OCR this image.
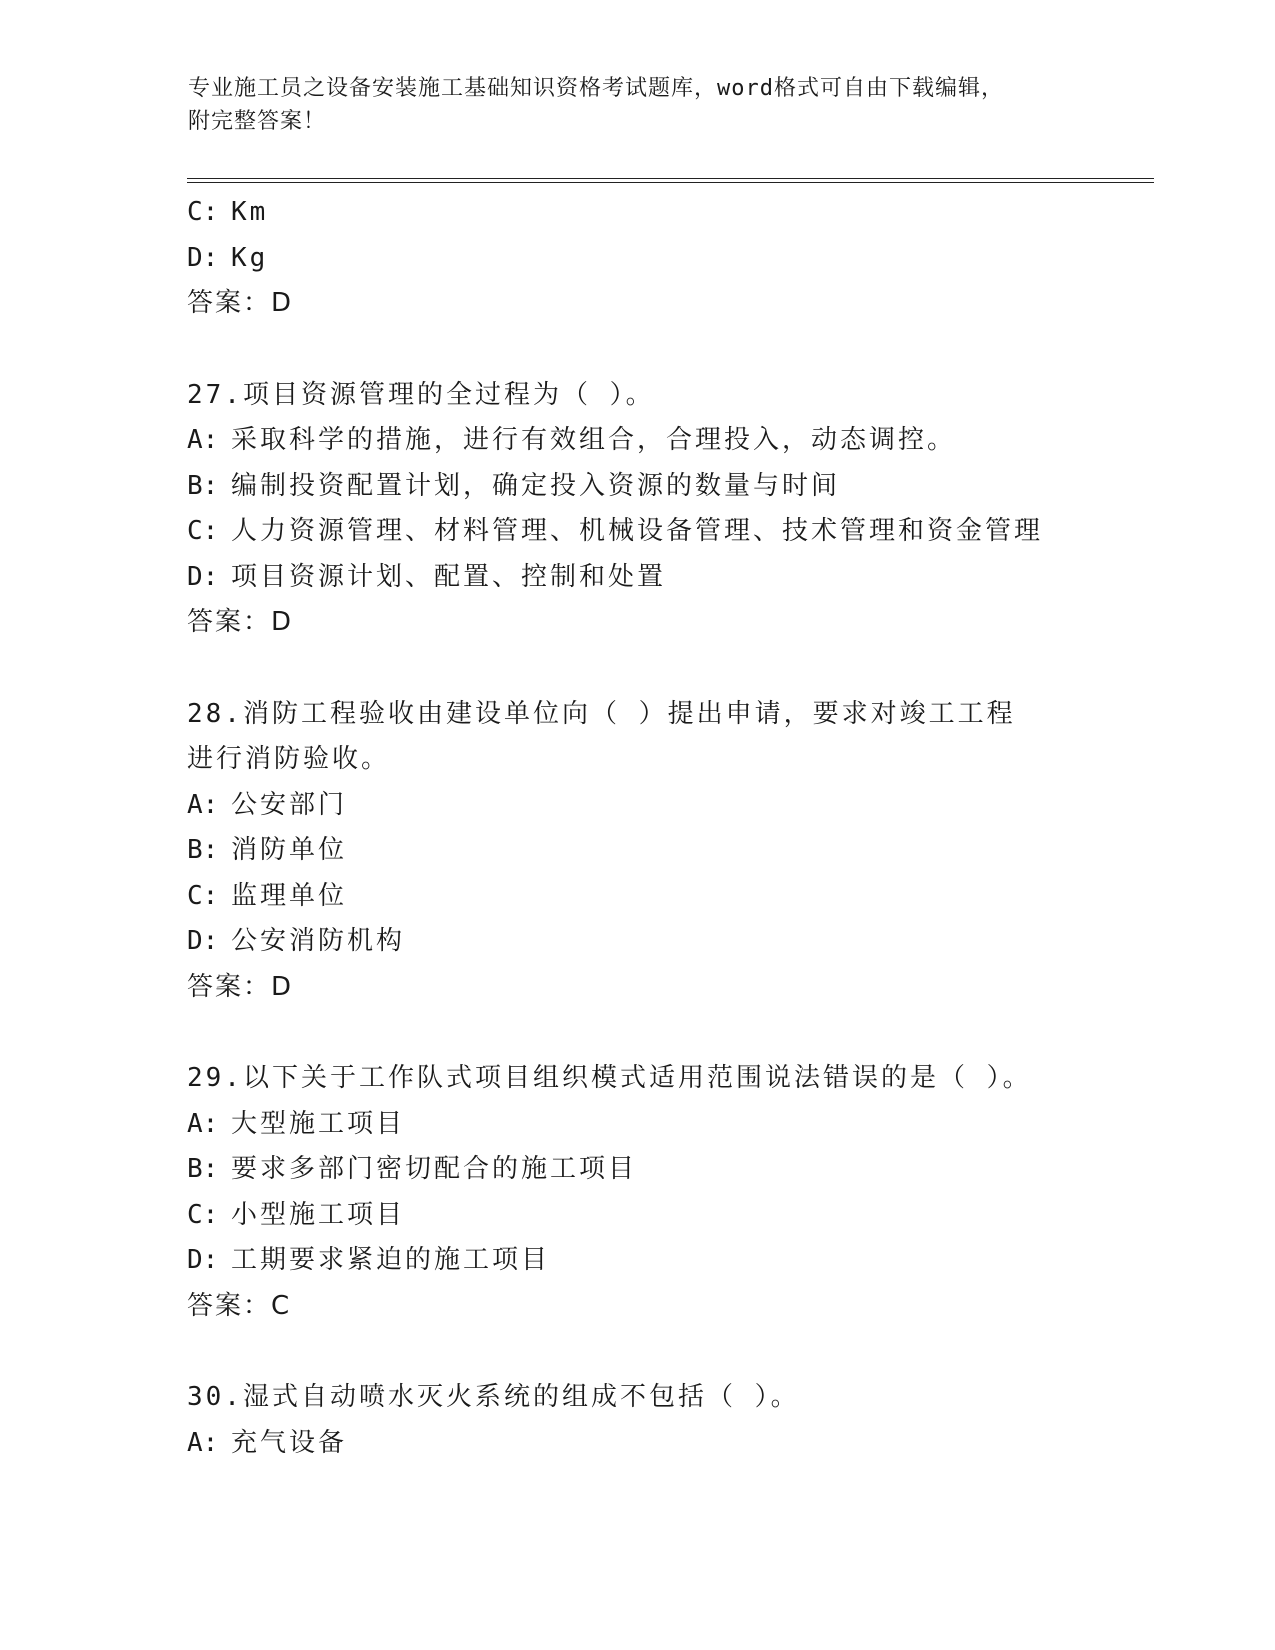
专业施工员之设备安装施工基础知识资格考试题库，word格式可自由下载编辑，
附完整答案！
C: Km
D: Kg
答案：D
27.项目资源管理的全过程为（ ）。
A: 采取科学的措施，进行有效组合，合理投入，动态调控。
B: 编制投资配置计划，确定投入资源的数量与时间
C: 人力资源管理、材料管理、机械设备管理、技术管理和资金管理
D: 项目资源计划、配置、控制和处置
答案：D
28.消防工程验收由建设单位向（ ）提出申请，要求对竣工工程进行消防验收。
A: 公安部门
B: 消防单位
C: 监理单位
D: 公安消防机构
答案：D
29.以下关于工作队式项目组织模式适用范围说法错误的是（ ）。
A: 大型施工项目
B: 要求多部门密切配合的施工项目
C: 小型施工项目
D: 工期要求紧迫的施工项目
答案：C
30.湿式自动喷水灭火系统的组成不包括（ ）。
A: 充气设备
